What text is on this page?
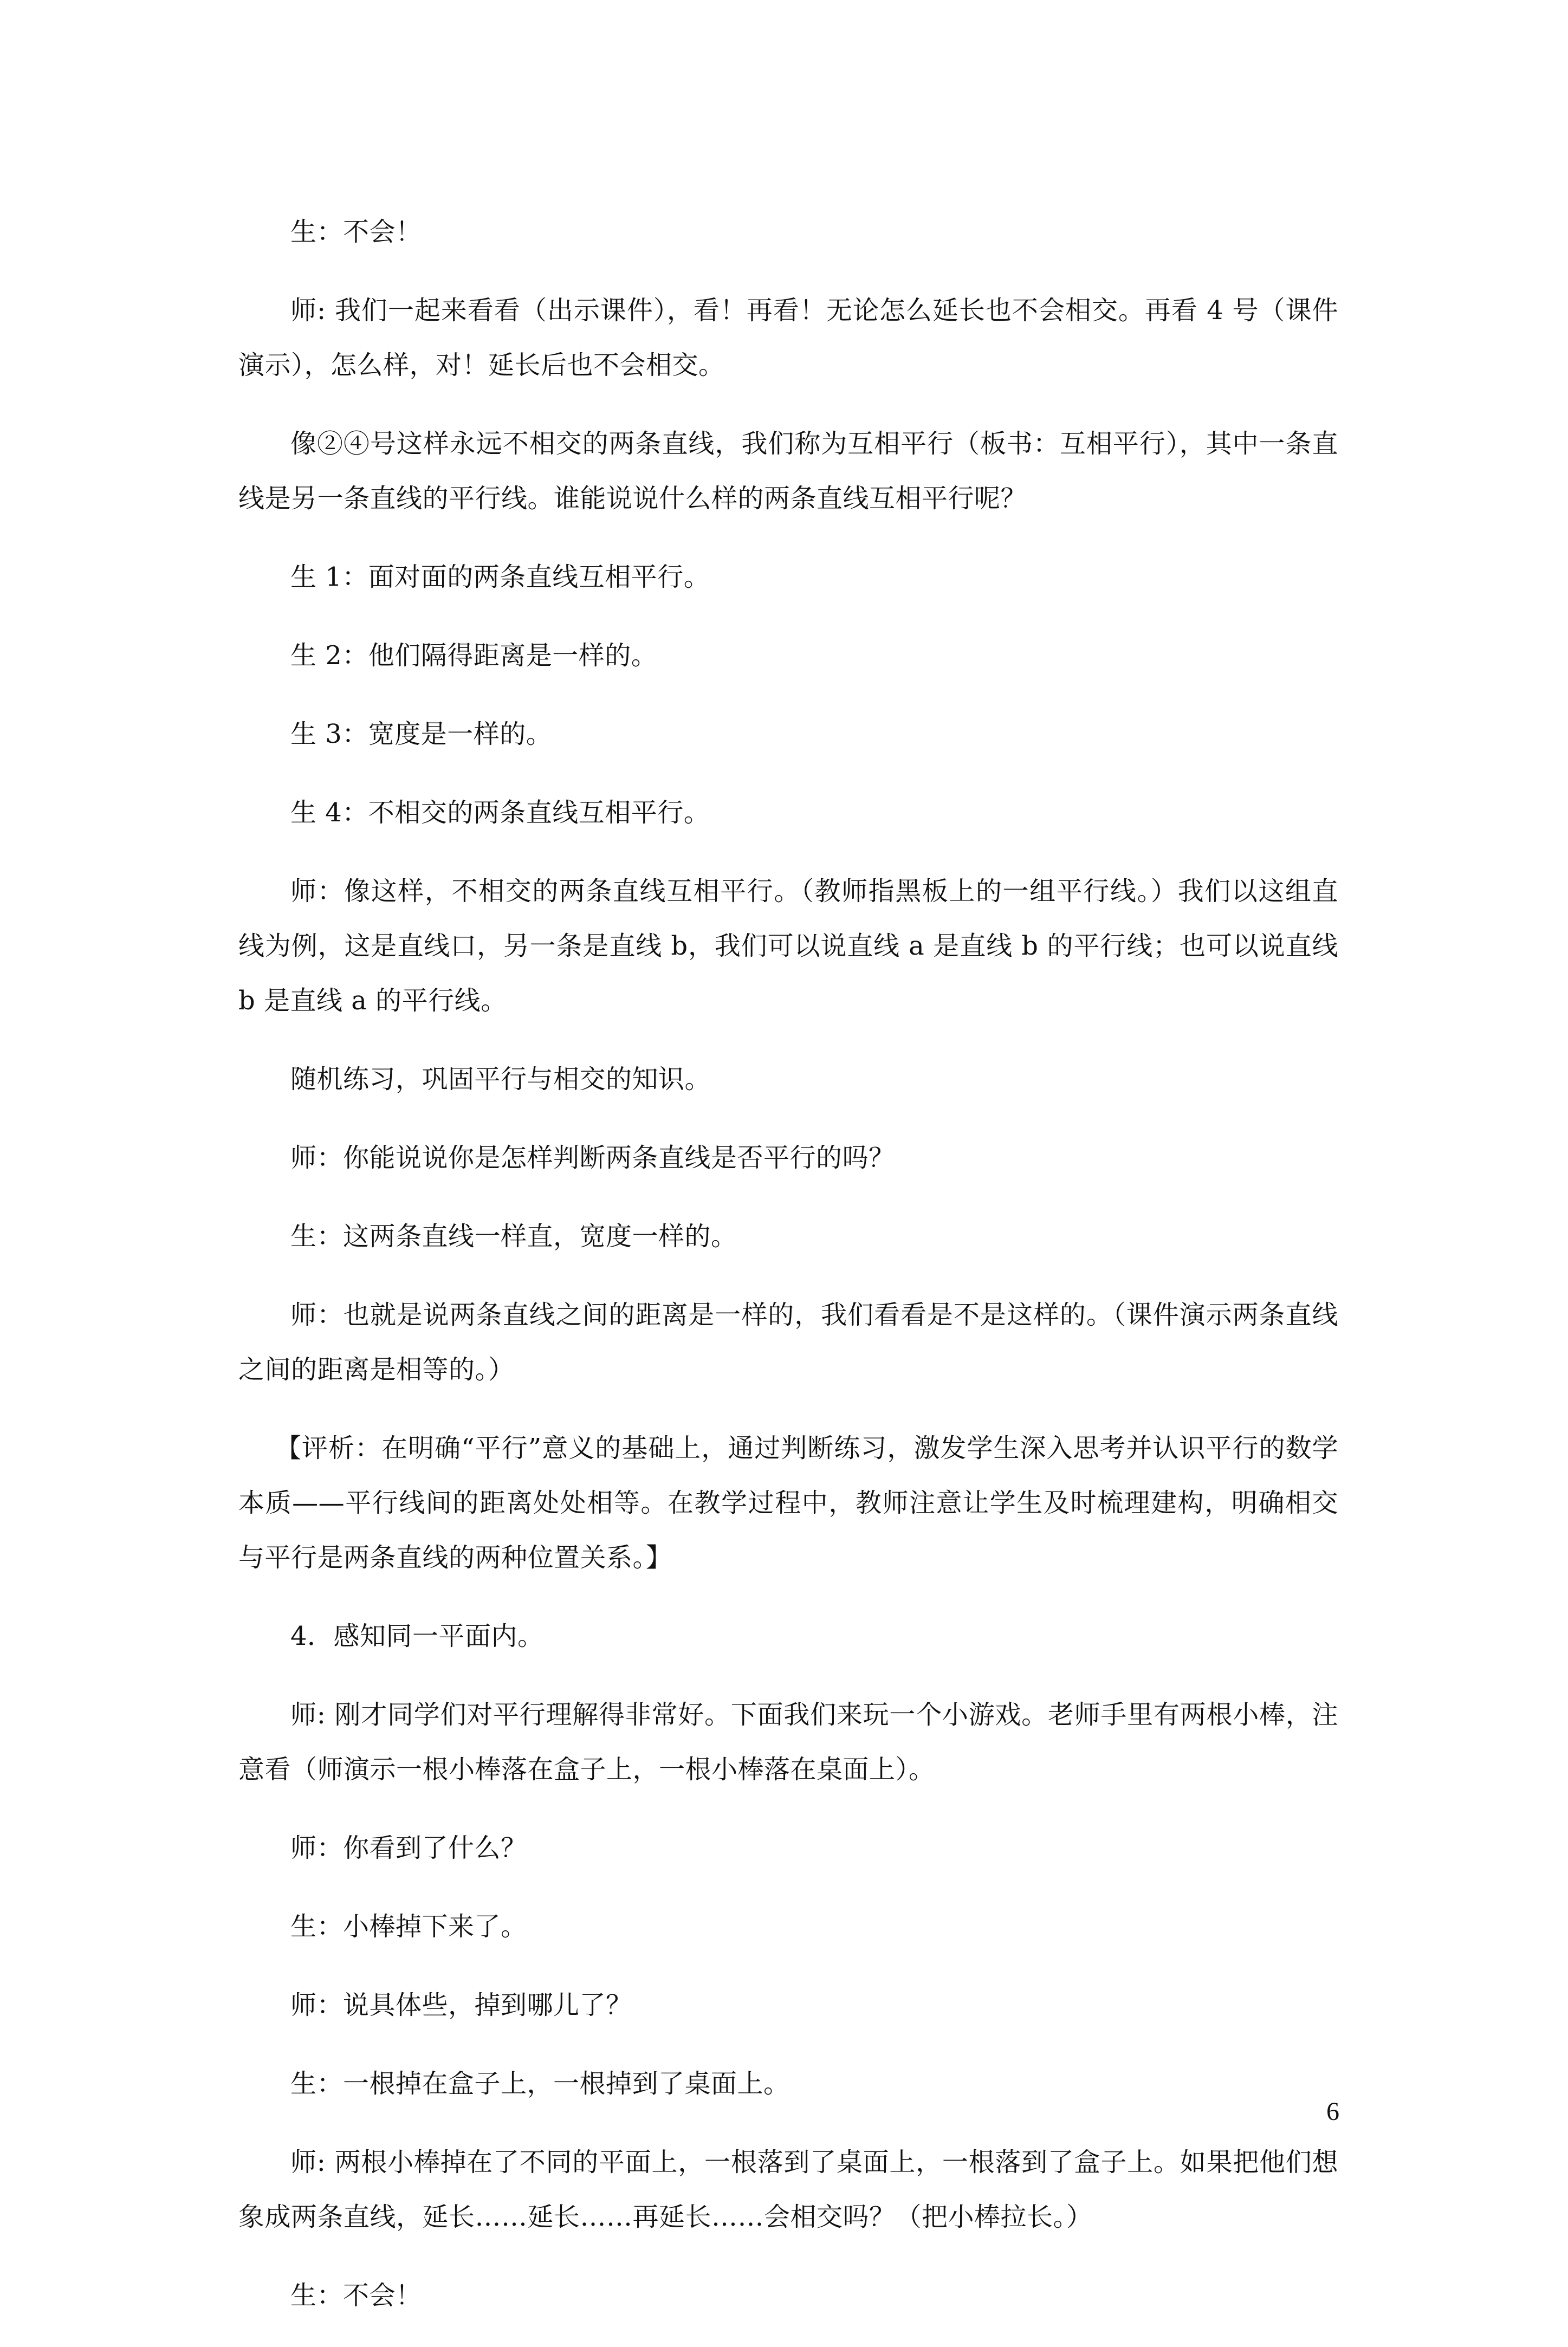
生：不会！

师: 我们一起来看看（出示课件），看！再看！无论怎么延长也不会相交。再看 4 号（课件演示），怎么样，对！延长后也不会相交。

像②④号这样永远不相交的两条直线，我们称为互相平行（板书：互相平行），其中一条直线是另一条直线的平行线。谁能说说什么样的两条直线互相平行呢？

生 1：面对面的两条直线互相平行。

生 2：他们隔得距离是一样的。

生 3：宽度是一样的。

生 4：不相交的两条直线互相平行。

师：像这样，不相交的两条直线互相平行。（教师指黑板上的一组平行线。）我们以这组直线为例，这是直线口，另一条是直线 b，我们可以说直线 a 是直线 b 的平行线；也可以说直线 b 是直线 a 的平行线。

随机练习，巩固平行与相交的知识。

师：你能说说你是怎样判断两条直线是否平行的吗？

生：这两条直线一样直，宽度一样的。

师：也就是说两条直线之间的距离是一样的，我们看看是不是这样的。（课件演示两条直线之间的距离是相等的。）

【评析：在明确“平行”意义的基础上，通过判断练习，激发学生深入思考并认识平行的数学本质——平行线间的距离处处相等。在教学过程中，教师注意让学生及时梳理建构，明确相交与平行是两条直线的两种位置关系。】

4．感知同一平面内。

师: 刚才同学们对平行理解得非常好。下面我们来玩一个小游戏。老师手里有两根小棒，注意看（师演示一根小棒落在盒子上，一根小棒落在桌面上）。

师：你看到了什么？

生：小棒掉下来了。

师：说具体些，掉到哪儿了？

生：一根掉在盒子上，一根掉到了桌面上。

师: 两根小棒掉在了不同的平面上，一根落到了桌面上，一根落到了盒子上。如果把他们想象成两条直线，延长……延长……再延长……会相交吗？（把小棒拉长。）

生：不会！

6
